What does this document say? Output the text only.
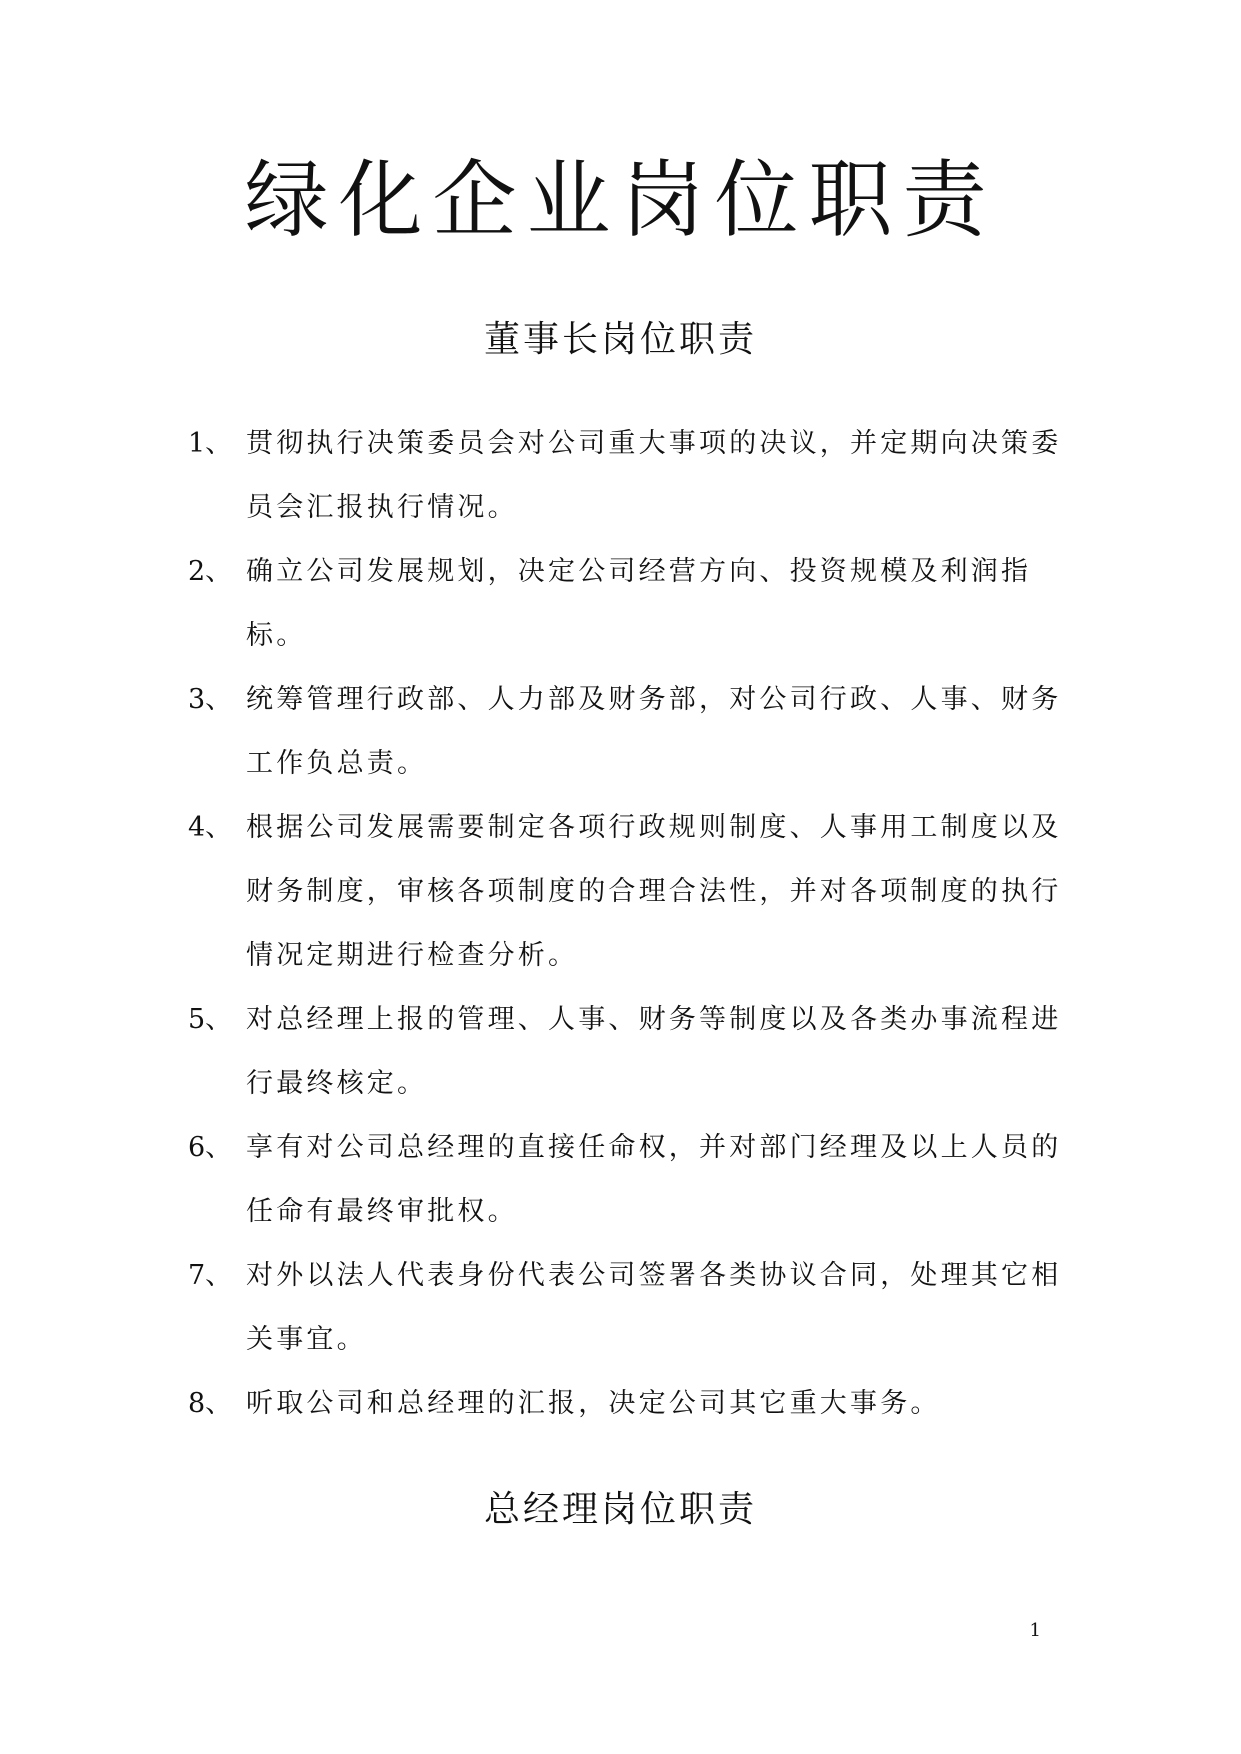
绿化企业岗位职责
董事长岗位职责
1、 贯彻执行决策委员会对公司重大事项的决议，并定期向决策委员会汇报执行情况。
2、 确立公司发展规划，决定公司经营方向、投资规模及利润指标。
3、 统筹管理行政部、人力部及财务部，对公司行政、人事、财务工作负总责。
4、 根据公司发展需要制定各项行政规则制度、人事用工制度以及财务制度，审核各项制度的合理合法性，并对各项制度的执行情况定期进行检查分析。
5、 对总经理上报的管理、人事、财务等制度以及各类办事流程进行最终核定。
6、 享有对公司总经理的直接任命权，并对部门经理及以上人员的任命有最终审批权。
7、 对外以法人代表身份代表公司签署各类协议合同，处理其它相关事宜。
8、 听取公司和总经理的汇报，决定公司其它重大事务。
总经理岗位职责
1
